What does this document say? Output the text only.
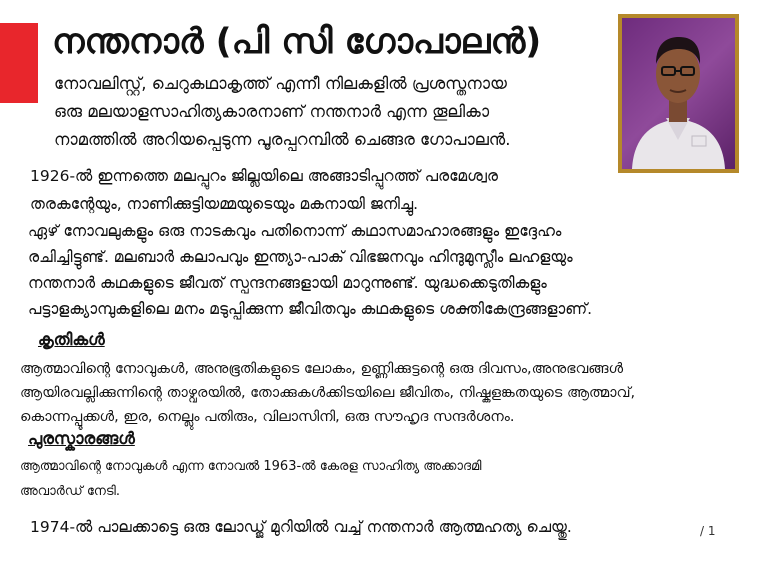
നന്തനാർ (പി സി ഗോപാലൻ)
നോവലിസ്റ്റ്, ചെറുകഥാകൃത്ത് എന്നീ നിലകളിൽ പ്രശസ്തനായ
ഒരു മലയാളസാഹിത്യകാരനാണ് നന്തനാർ എന്ന തൂലികാ
നാമത്തിൽ അറിയപ്പെടുന്ന പൂരപ്പറമ്പിൽ ചെങ്ങര ഗോപാലൻ.
1926-ൽ ഇന്നത്തെ മലപ്പുറം ജില്ലയിലെ അങ്ങാടിപ്പുറത്ത് പരമേശ്വര
തരകന്റേയും, നാണിക്കുട്ടിയമ്മയുടെയും മകനായി ജനിച്ചു.
ഏഴ് നോവലുകളും ഒരു നാടകവും പതിനൊന്ന് കഥാസമാഹാരങ്ങളും ഇദ്ദേഹം
രചിച്ചിട്ടുണ്ട്. മലബാർ കലാപവും ഇന്ത്യാ-പാക് വിഭജനവും ഹിന്ദുമുസ്ലീം ലഹളയും
നന്തനാർ കഥകളുടെ ജീവത് സ്പന്ദനങ്ങളായി മാറുന്നുണ്ട്. യുദ്ധക്കെടുതികളും
പട്ടാളക്യാമ്പുകളിലെ മനം മടുപ്പിക്കുന്ന ജീവിതവും കഥകളുടെ ശക്തികേന്ദ്രങ്ങളാണ്.
കൃതികൾ
ആത്മാവിന്റെ നോവുകൾ, അനുഭൂതികളുടെ ലോകം, ഉണ്ണിക്കുട്ടന്റെ ഒരു ദിവസം,അനുഭവങ്ങൾ
ആയിരവല്ലിക്കുന്നിന്റെ താഴ്വരയിൽ, തോക്കുകൾക്കിടയിലെ ജീവിതം, നിഷ്കളങ്കതയുടെ ആത്മാവ്,
കൊന്നപ്പൂക്കൾ, ഇര, നെല്ലും പതിരും, വിലാസിനി, ഒരു സൗഹൃദ സന്ദർശനം.
പുരസ്കാരങ്ങൾ
ആത്മാവിന്റെ നോവുകൾ എന്ന നോവൽ 1963-ൽ കേരള സാഹിത്യ അക്കാദമി
അവാർഡ് നേടി.
1974-ൽ പാലക്കാട്ടെ ഒരു ലോഡ്ജ് മുറിയിൽ വച്ച് നന്തനാർ ആത്മഹത്യ ചെയ്തു.	/ 1
